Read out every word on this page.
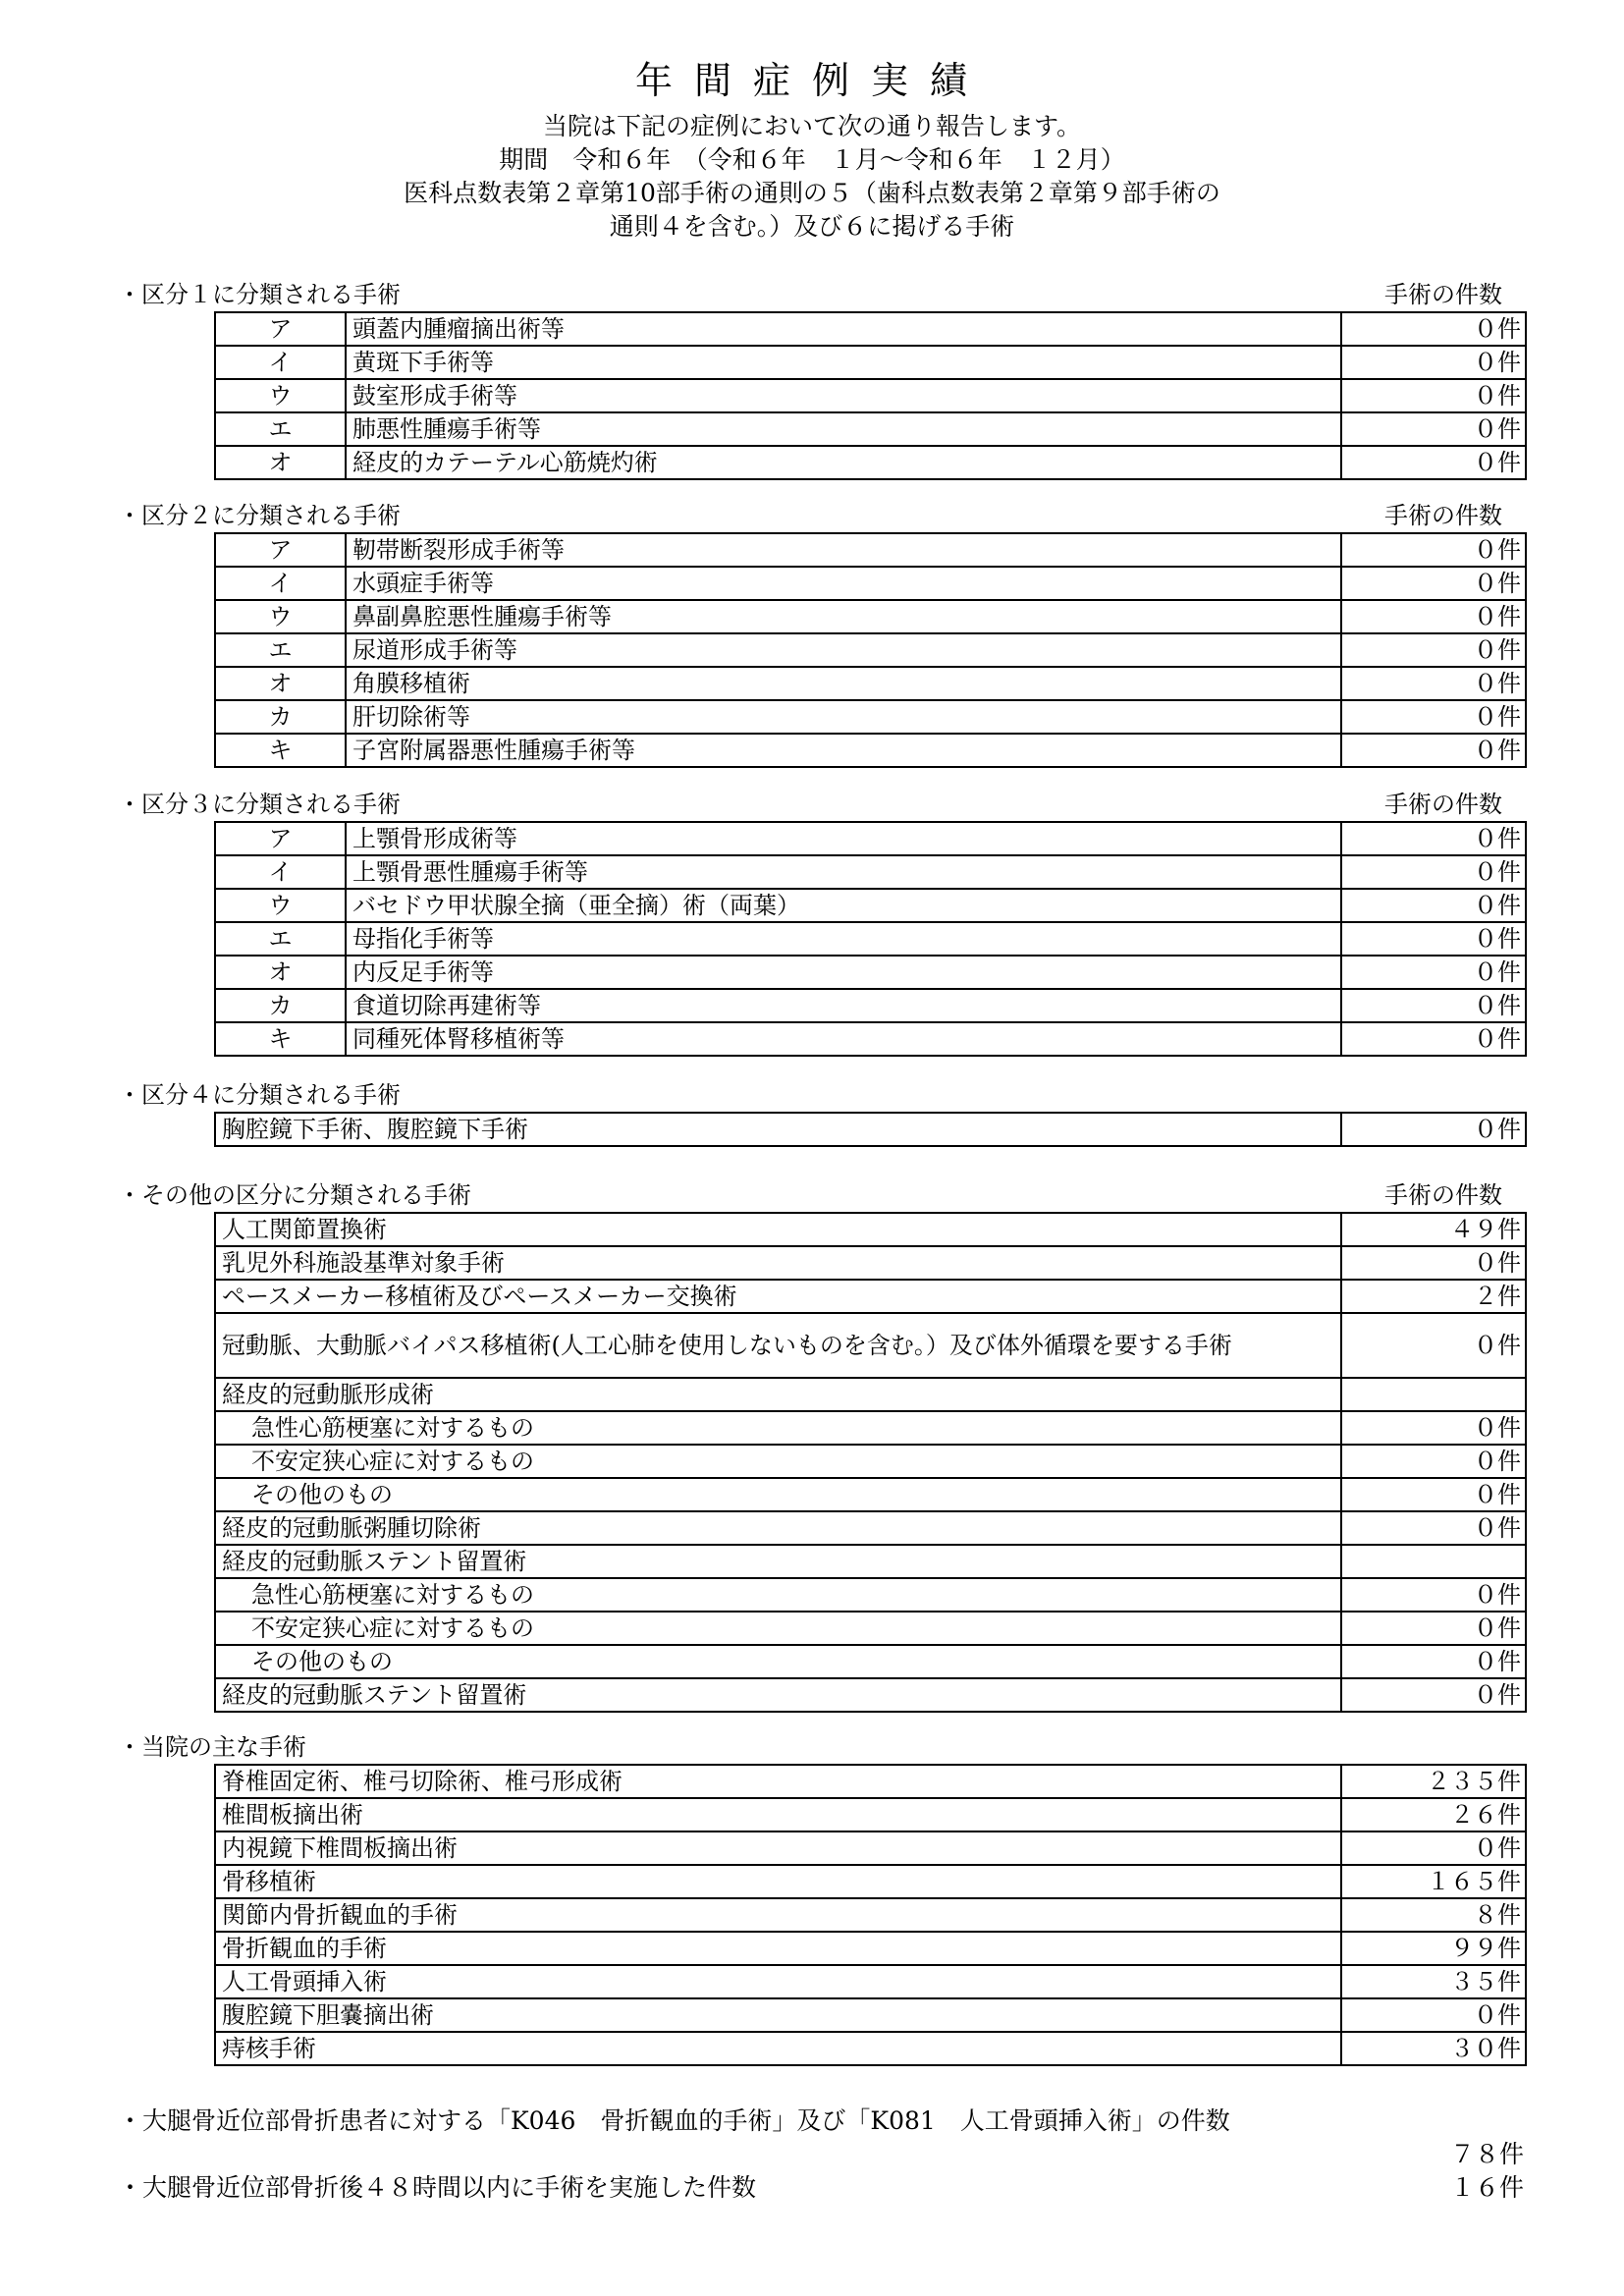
年間症例実績
当院は下記の症例において次の通り報告します。
期間　令和６年　（令和６年　１月～令和６年　１２月）
医科点数表第２章第10部手術の通則の５（歯科点数表第２章第９部手術の
通則４を含む。）及び６に掲げる手術
・区分１に分類される手術	手術の件数
ア	頭蓋内腫瘤摘出術等	０件
イ	黄斑下手術等	０件
ウ	鼓室形成手術等	０件
エ	肺悪性腫瘍手術等	０件
オ	経皮的カテーテル心筋焼灼術	０件
・区分２に分類される手術	手術の件数
ア	靭帯断裂形成手術等	０件
イ	水頭症手術等	０件
ウ	鼻副鼻腔悪性腫瘍手術等	０件
エ	尿道形成手術等	０件
オ	角膜移植術	０件
カ	肝切除術等	０件
キ	子宮附属器悪性腫瘍手術等	０件
・区分３に分類される手術	手術の件数
ア	上顎骨形成術等	０件
イ	上顎骨悪性腫瘍手術等	０件
ウ	バセドウ甲状腺全摘（亜全摘）術（両葉）	０件
エ	母指化手術等	０件
オ	内反足手術等	０件
カ	食道切除再建術等	０件
キ	同種死体腎移植術等	０件
・区分４に分類される手術
胸腔鏡下手術、腹腔鏡下手術	０件
・その他の区分に分類される手術	手術の件数
人工関節置換術	４９件
乳児外科施設基準対象手術	０件
ペースメーカー移植術及びペースメーカー交換術	２件
冠動脈、大動脈バイパス移植術(人工心肺を使用しないものを含む。）及び体外循環を要する手術	０件
経皮的冠動脈形成術	
急性心筋梗塞に対するもの	０件
不安定狭心症に対するもの	０件
その他のもの	０件
経皮的冠動脈粥腫切除術	０件
経皮的冠動脈ステント留置術	
急性心筋梗塞に対するもの	０件
不安定狭心症に対するもの	０件
その他のもの	０件
経皮的冠動脈ステント留置術	０件
・当院の主な手術
脊椎固定術、椎弓切除術、椎弓形成術	２３５件
椎間板摘出術	２６件
内視鏡下椎間板摘出術	０件
骨移植術	１６５件
関節内骨折観血的手術	８件
骨折観血的手術	９９件
人工骨頭挿入術	３５件
腹腔鏡下胆嚢摘出術	０件
痔核手術	３０件
・大腿骨近位部骨折患者に対する「K046　骨折観血的手術」及び「K081　人工骨頭挿入術」の件数
７８件
・大腿骨近位部骨折後４８時間以内に手術を実施した件数	１６件
